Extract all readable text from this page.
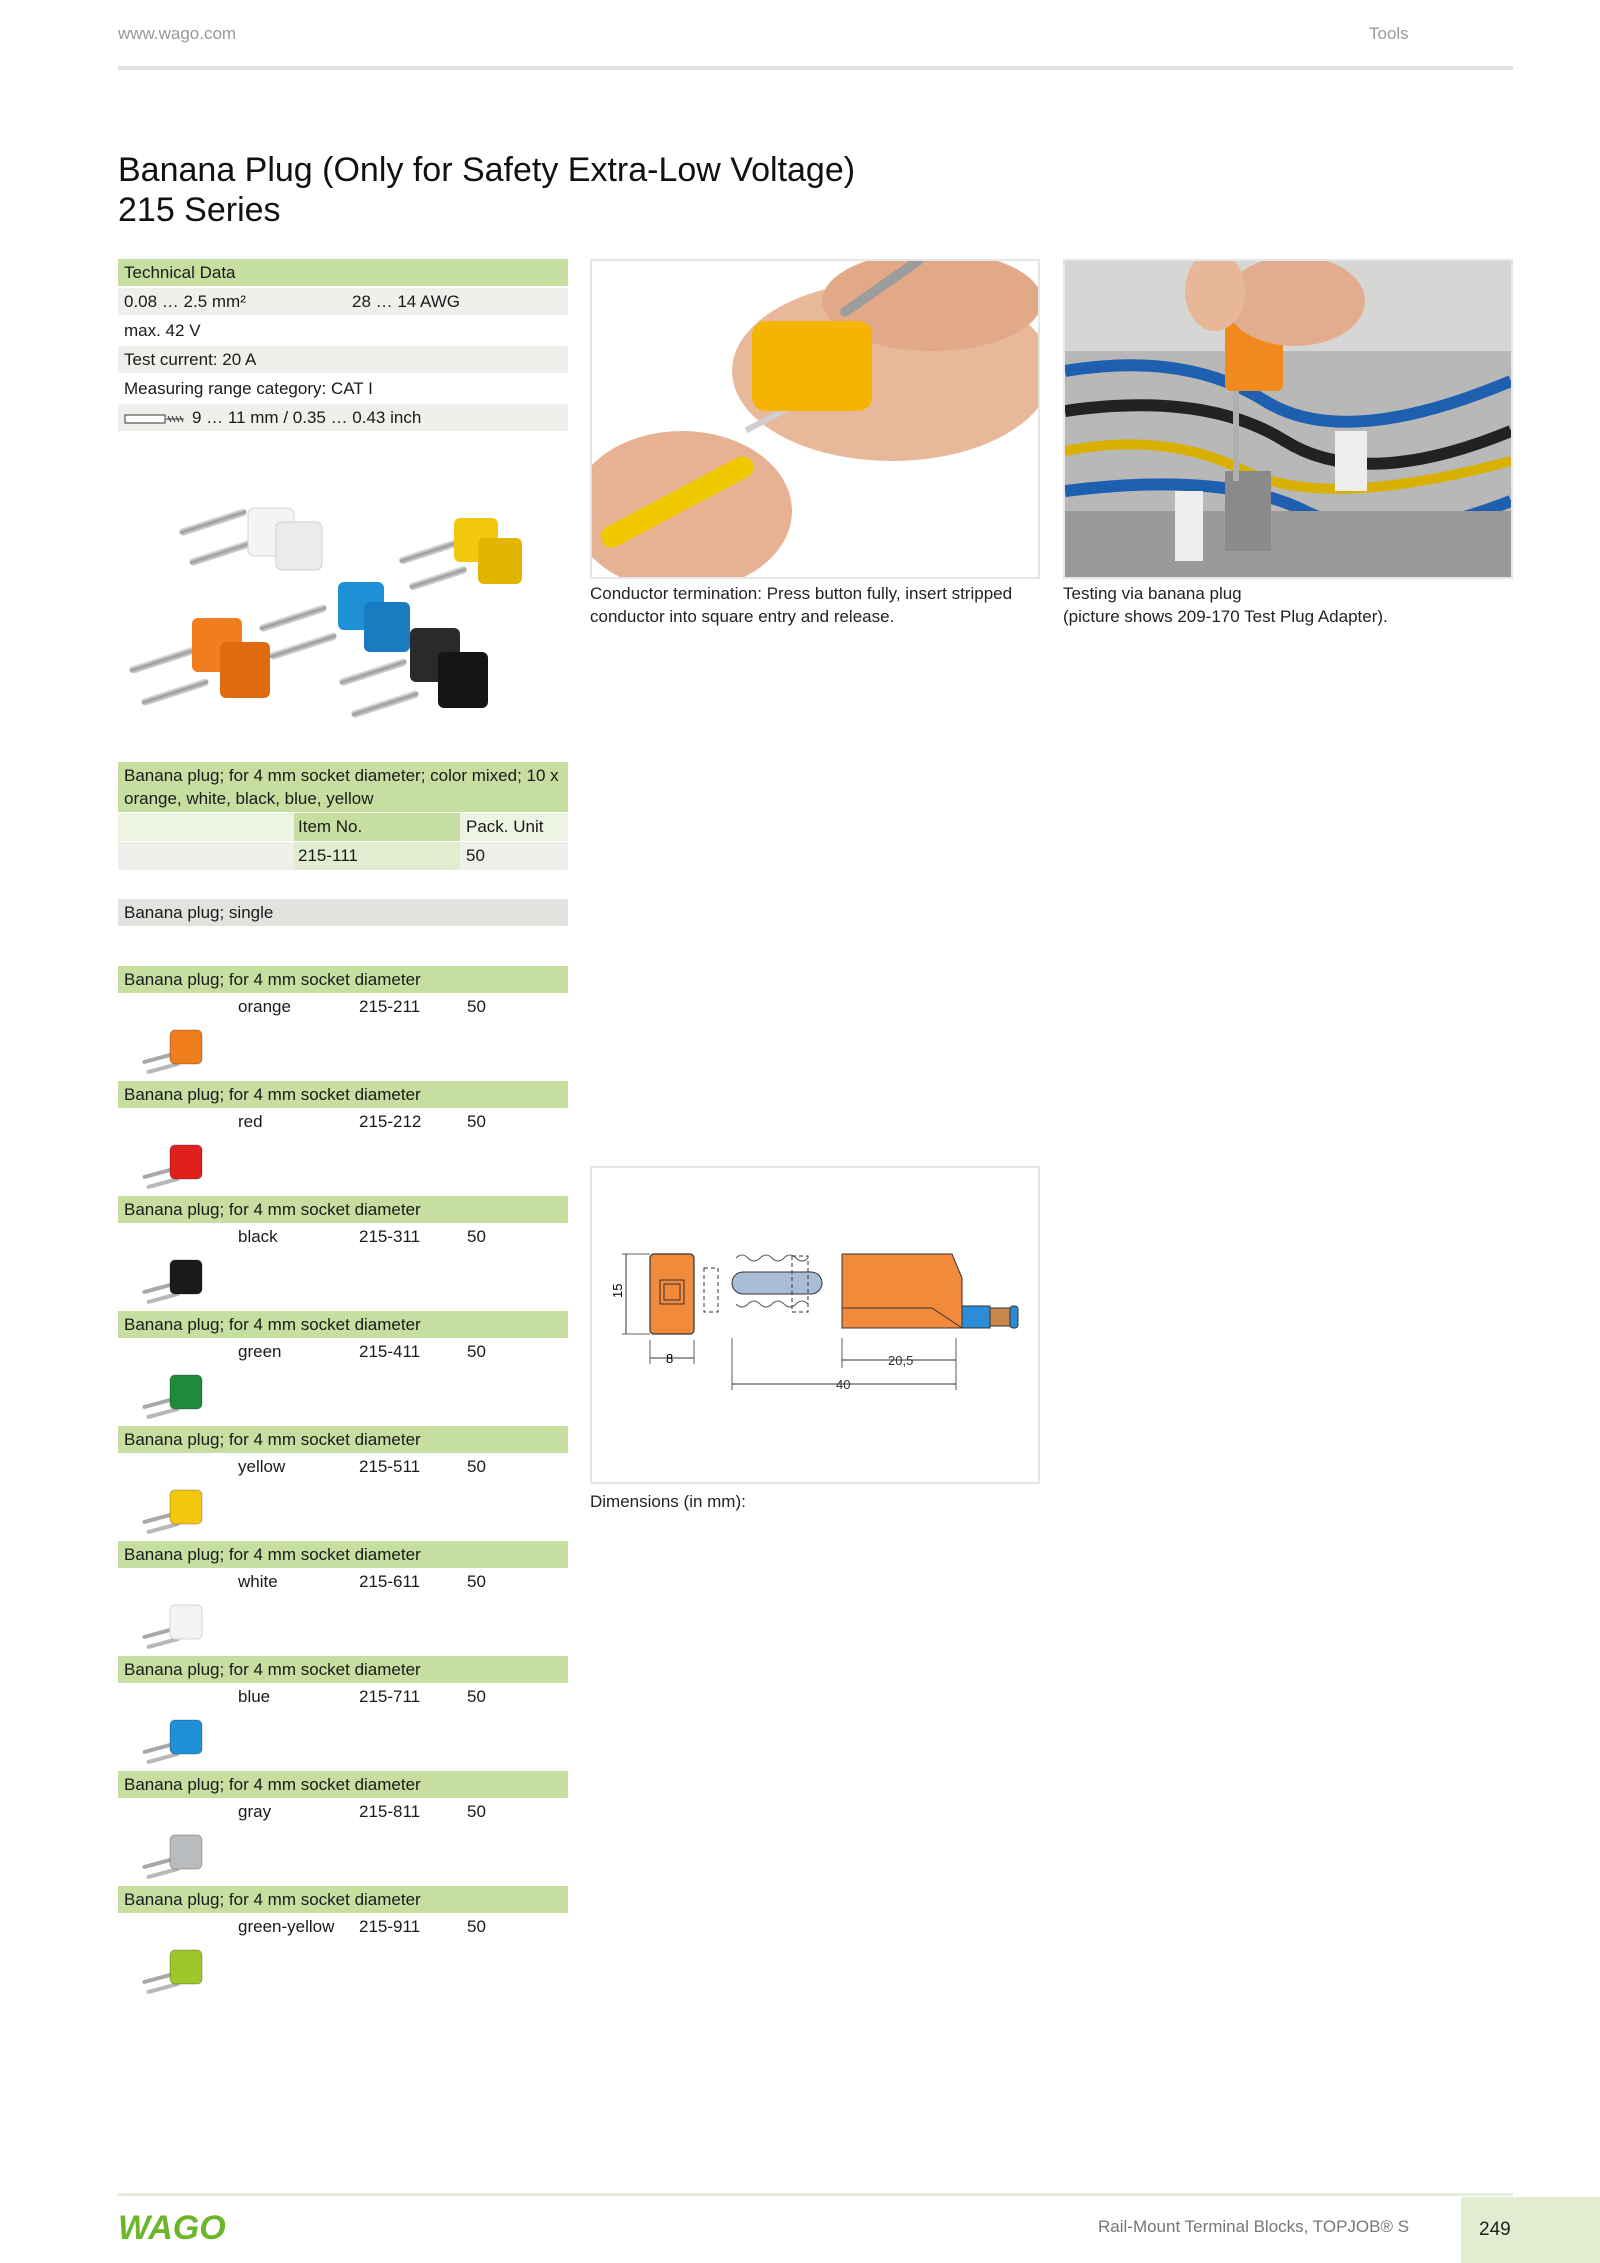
www.wago.com	Tools
Banana Plug (Only for Safety Extra-Low Voltage)
215 Series
Technical Data
0.08 … 2.5 mm²	28 … 14 AWG
max. 42 V
Test current: 20 A
Measuring range category: CAT I
9 … 11 mm / 0.35 … 0.43 inch
Conductor termination: Press button fully, insert stripped conductor into square entry and release.
Testing via banana plug
(picture shows 209-170 Test Plug Adapter).
Banana plug; for 4 mm socket diameter; color mixed; 10 x orange, white, black, blue, yellow
Item No.	Pack. Unit
215-111	50
Banana plug; single
Banana plug; for 4 mm socket diameter
orange	215-211	50
Banana plug; for 4 mm socket diameter
red	215-212	50
Banana plug; for 4 mm socket diameter
black	215-311	50
Banana plug; for 4 mm socket diameter
green	215-411	50
Banana plug; for 4 mm socket diameter
yellow	215-511	50
Banana plug; for 4 mm socket diameter
white	215-611	50
Banana plug; for 4 mm socket diameter
blue	215-711	50
Banana plug; for 4 mm socket diameter
gray	215-811	50
Banana plug; for 4 mm socket diameter
green-yellow 215-911	50
15
8	20,5
40
Dimensions (in mm):
WAGO	Rail-Mount Terminal Blocks, TOPJOB® S	249
